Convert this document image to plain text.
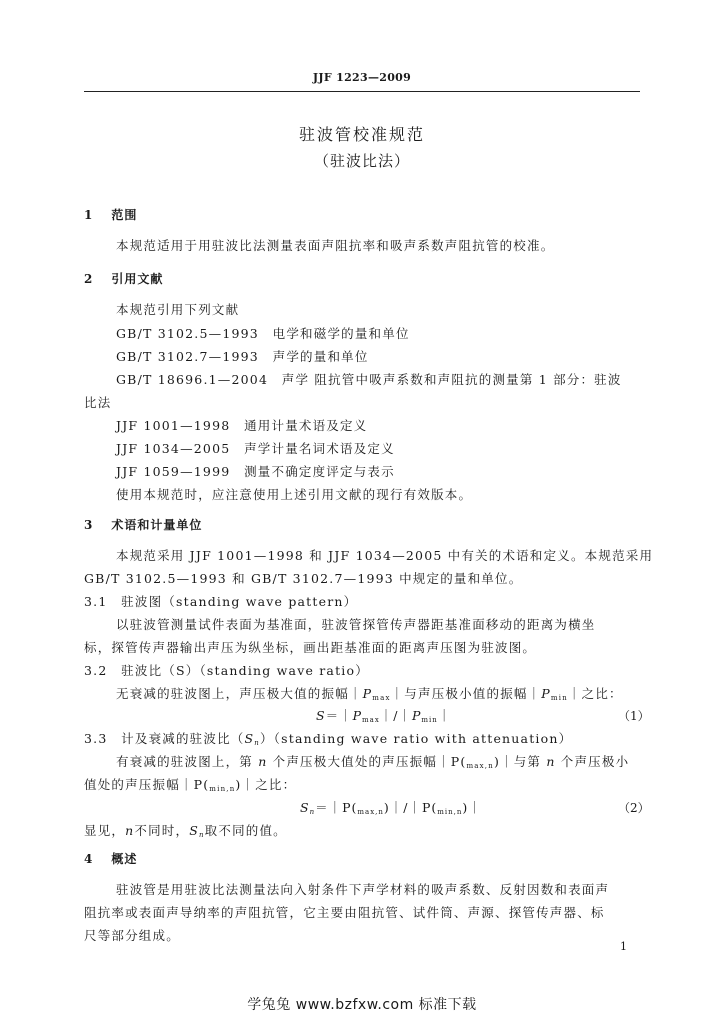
JJF 1223—2009
驻波管校准规范
（驻波比法）
1 范围
本规范适用于用驻波比法测量表面声阻抗率和吸声系数声阻抗管的校准。
2 引用文献
本规范引用下列文献
GB/T 3102.5—1993　电学和磁学的量和单位
GB/T 3102.7—1993　声学的量和单位
GB/T 18696.1—2004　声学 阻抗管中吸声系数和声阻抗的测量第 1 部分：驻波
比法
JJF 1001—1998　通用计量术语及定义
JJF 1034—2005　声学计量名词术语及定义
JJF 1059—1999　测量不确定度评定与表示
使用本规范时，应注意使用上述引用文献的现行有效版本。
3 术语和计量单位
本规范采用 JJF 1001—1998 和 JJF 1034—2005 中有关的术语和定义。本规范采用
GB/T 3102.5—1993 和 GB/T 3102.7—1993 中规定的量和单位。
3.1　驻波图（standing wave pattern）
以驻波管测量试件表面为基准面，驻波管探管传声器距基准面移动的距离为横坐
标，探管传声器输出声压为纵坐标，画出距基准面的距离声压图为驻波图。
3.2　驻波比（S）（standing wave ratio）
无衰减的驻波图上，声压极大值的振幅$|P_{max}|$与声压极小值的振幅$|P_{min}|$之比：
$S=|P_{max}|/|P_{min}|$	（1）
3.3　计及衰减的驻波比$(S_n)(standing$ wave ratio with attenuation）
有衰减的驻波图上，第 n 个声压极大值处的声压振幅$|P(_{max,n})|$与第 n 个声压极小
值处的声压振幅$|P(_{min,n})|$之比：
$S_n=|P(_{max,n})|/|P(_{min,n})|$	（2）
显见，n不同时，$S_n$取不同的值。
4 概述
驻波管是用驻波比法测量法向入射条件下声学材料的吸声系数、反射因数和表面声
阻抗率或表面声导纳率的声阻抗管，它主要由阻抗管、试件筒、声源、探管传声器、标
尺等部分组成。
1
学兔兔 www.bzfxw.com 标准下载
